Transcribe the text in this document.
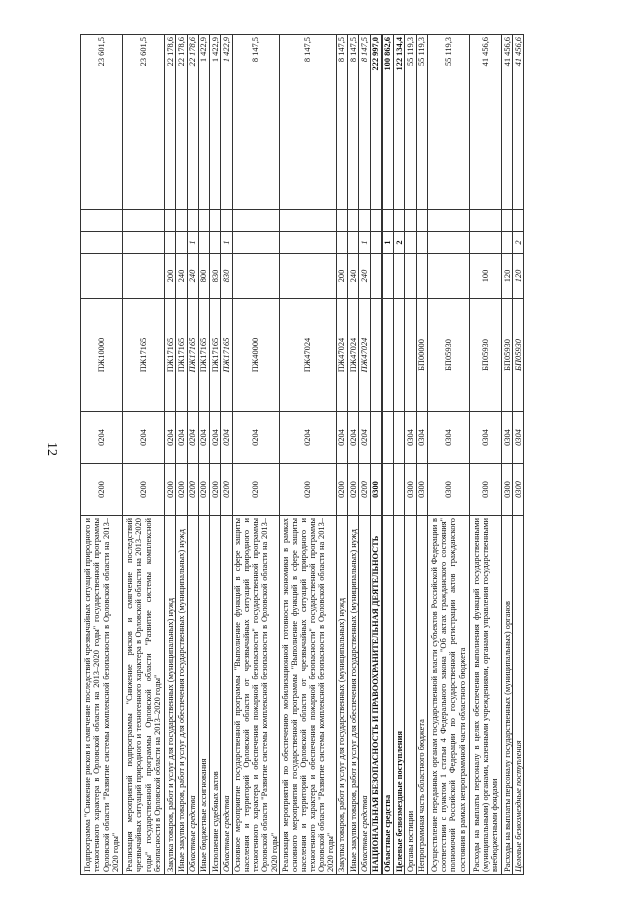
12
Подпрограмма "Снижение рисков и смягчение последствий чрезвычайных ситуаций природного и техногенного характера в Орловской области на 2013–2020 годы" государственной программы Орловской области "Развитие системы комплексной безопасности в Орловской области на 2013–2020 годы"	0200	0204	ПЖ10000				23 601,5
Реализация мероприятий подпрограммы "Снижение рисков и смягчение последствий чрезвычайных ситуаций природного и техногенного характера в Орловской области на 2013–2020 годы" государственной программы Орловской области "Развитие системы комплексной безопасности в Орловской области на 2013–2020 годы"	0200	0204	ПЖ17165				23 601,5
Закупка товаров, работ и услуг для государственных (муниципальных) нужд	0200	0204	ПЖ17165	200			22 178,6
Иные закупки товаров, работ и услуг для обеспечения государственных (муниципальных) нужд	0200	0204	ПЖ17165	240			22 178,6
Областные средства	0200	0204	ПЖ17165	240	1		22 178,6
Иные бюджетные ассигнования	0200	0204	ПЖ17165	800			1 422,9
Исполнение судебных актов	0200	0204	ПЖ17165	830			1 422,9
Областные средства	0200	0204	ПЖ17165	830	1		1 422,9
Основное мероприятие государственной программы "Выполнение функций в сфере защиты населения и территорий Орловской области от чрезвычайных ситуаций природного и техногенного характера и обеспечения пожарной безопасности" государственной программы Орловской области "Развитие системы комплексной безопасности в Орловской области на 2013–2020 годы"	0200	0204	ПЖ40000				8 147,5
Реализация мероприятий по обеспечению мобилизационной готовности экономики в рамках основного мероприятия государственной программы "Выполнение функций в сфере защиты населения и территорий Орловской области от чрезвычайных ситуаций природного и техногенного характера и обеспечения пожарной безопасности" государственной программы Орловской области "Развитие системы комплексной безопасности в Орловской области на 2013–2020 годы"	0200	0204	ПЖ47024				8 147,5
Закупка товаров, работ и услуг для государственных (муниципальных) нужд	0200	0204	ПЖ47024	200			8 147,5
Иные закупки товаров, работ и услуг для обеспечения государственных (муниципальных) нужд	0200	0204	ПЖ47024	240			8 147,5
Областные средства	0200	0204	ПЖ47024	240	1		8 147,5
НАЦИОНАЛЬНАЯ БЕЗОПАСНОСТЬ И ПРАВООХРАНИТЕЛЬНАЯ ДЕЯТЕЛЬНОСТЬ	0300						222 997,0
Областные средства					1		100 862,6
Целевые безвозмездные поступления					2		122 134,4
Органы юстиции	0300	0304					55 119,3
Непрограммная часть областного бюджета	0300	0304	БП00000				55 119,3
Осуществление переданных органам государственной власти субъектов Российской Федерации в соответствии с пунктом 1 статьи 4 Федерального закона "Об актах гражданского состояния" полномочий Российской Федерации по государственной регистрации актов гражданского состояния в рамках непрограммной части областного бюджета	0300	0304	БП05930				55 119,3
Расходы на выплаты персоналу в целях обеспечения выполнения функций государственными (муниципальными) органами, казенными учреждениями, органами управления государственными внебюджетными фондами	0300	0304	БП05930	100			41 456,6
Расходы на выплаты персоналу государственных (муниципальных) органов	0300	0304	БП05930	120			41 456,6
Целевые безвозмездные поступления	0300	0304	БП05930	120	2		41 456,6
